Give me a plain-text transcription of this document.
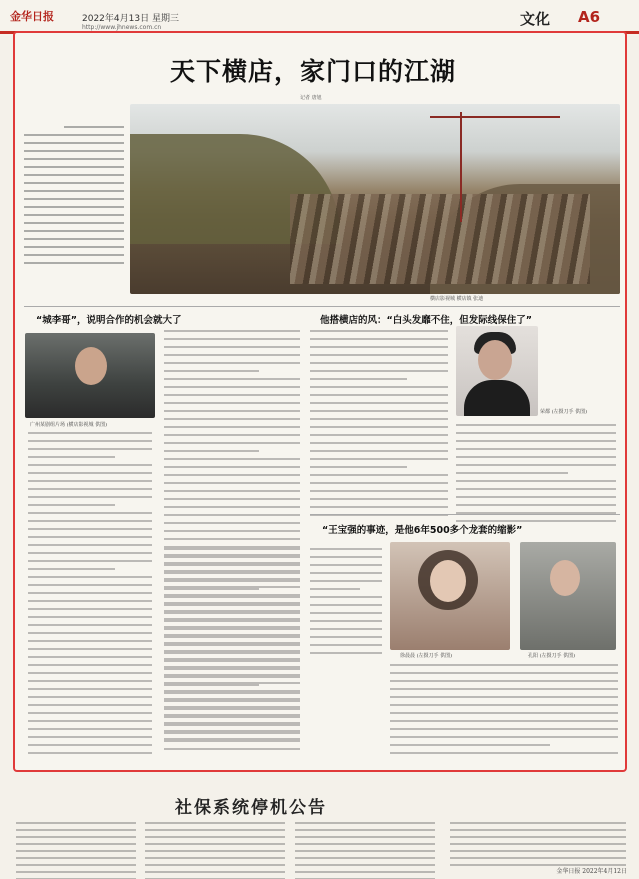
金华日报	2022年4月13日 星期三
http://www.jhnews.com.cn	文化 A6
天下横店，家门口的江湖
记者 唐旭
横店影视城 横店镇 张迪
“城李哥”，说明合作的机会就大了	他搭横店的风：“白头发靡不住，但发际线保住了”
广州某剧组片场 (横店影视城 供图)
荣都 (左摄刀手 供图)
“王宝强的事迹，是他6年500多个龙套的缩影”
徐晨晨 (左摄刀手 供图)	孔阳 (左摄刀手 供图)
社保系统停机公告
金华日报 2022年4月12日
